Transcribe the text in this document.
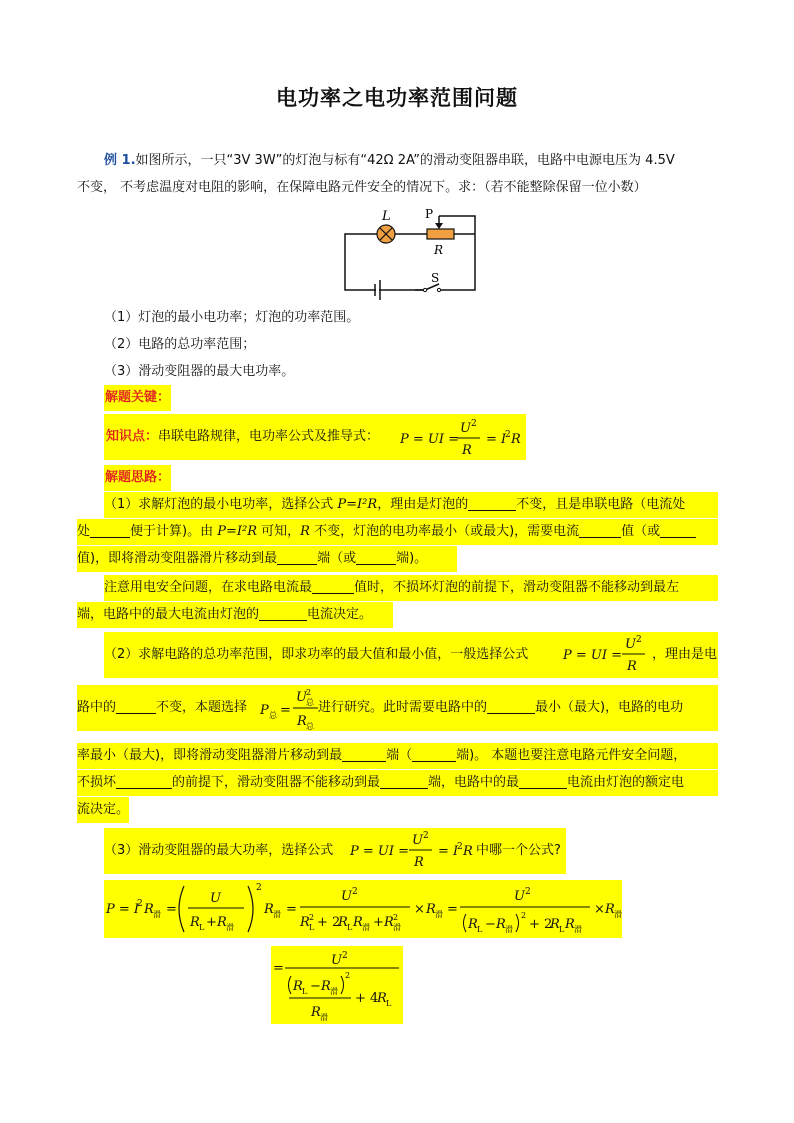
电功率之电功率范围问题
例 1.如图所示，一只“3V 3W”的灯泡与标有“42Ω 2A”的滑动变阻器串联，电路中电源电压为 4.5V
不变， 不考虑温度对电阻的影响，在保障电路元件安全的情况下。求：（若不能整除保留一位小数）
L	P
R
S
（1）灯泡的最小电功率；灯泡的功率范围。
（2）电路的总功率范围；
（3）滑动变阻器的最大电功率。
解题关键：
知识点：串联电路规律，电功率公式及推导式： P = UI =
U 2
R
= I
2 R
解题思路：
（1）求解灯泡的最小电功率，选择公式 P=I²R，理由是灯泡的	不变，且是串联电路（电流处
处	便于计算)。由 P=I²R 可知，R 不变，灯泡的电功率最小（或最大)，需要电流	值（或
值)，即将滑动变阻器滑片移动到最	端（或	端)。
注意用电安全问题，在求电路电流最	值时，不损坏灯泡的前提下，滑动变阻器不能移动到最左
端，电路中的最大电流由灯泡的	电流决定。
（2）求解电路的总功率范围，即求功率的最大值和最小值，一般选择公式	P = UI =
U 2
R
，理由是电
路中的	不变，本题选择 P 总 =
U 2
总
R 总
进行研究。此时需要电路中的	最小（最大)，电路的电功
率最小（最大)，即将滑动变阻器滑片移动到最	端（	端)。 本题也要注意电路元件安全问题，
不损坏	的前提下，滑动变阻器不能移动到最	端，电路中的最	电流由灯泡的额定电
流决定。
（3）滑动变阻器的最大功率，选择公式 P = UI =
U 2
R
= I
2 R 中哪一个公式?
P = I
2 R 滑 =
U
R L + R 滑
2
R 滑 =
U 2
R 2
L + 2
R L R 滑 + R 2
滑
× R 滑 =
U 2
R L − R 滑
2
+ 2
R L R 滑
× R 滑
=
U 2
R L − R 滑
2
R 滑
+ 4
R L
